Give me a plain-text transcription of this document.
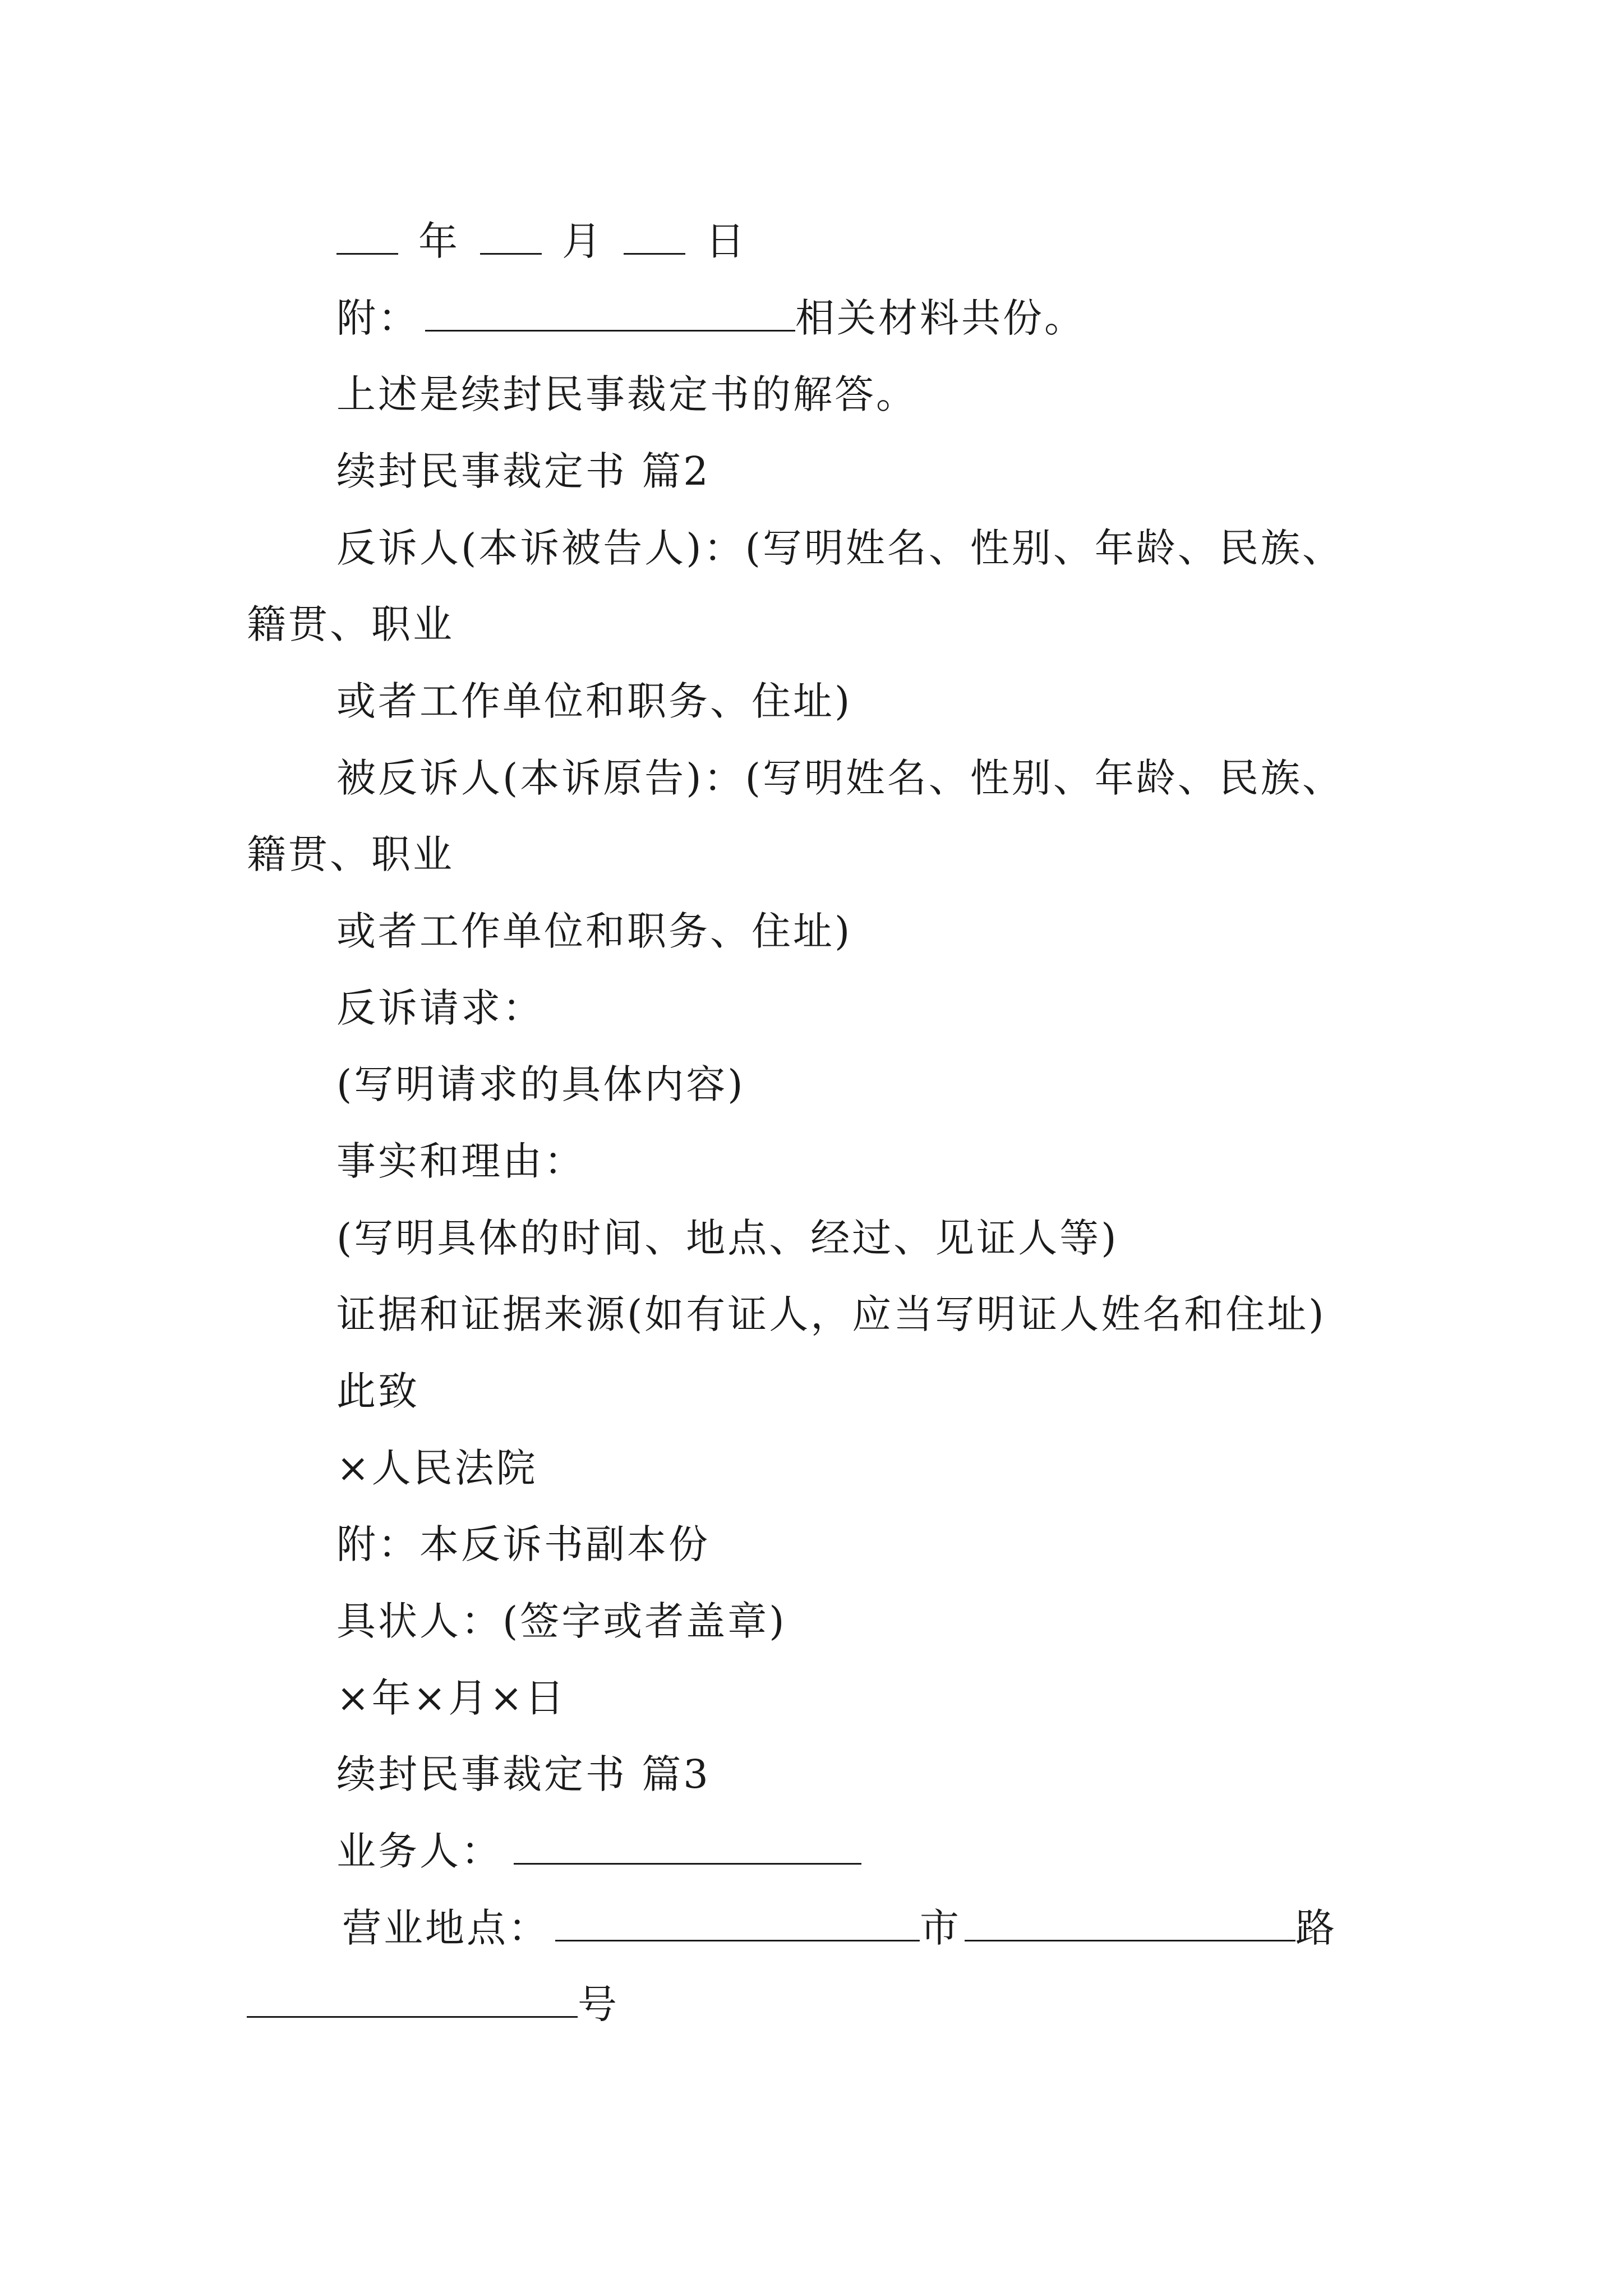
年	月	日
附：	相关材料共份。
上述是续封民事裁定书的解答。
续封民事裁定书 篇2
反诉人(本诉被告人)：(写明姓名、性别、年龄、民族、
籍贯、职业
或者工作单位和职务、住址)
被反诉人(本诉原告)：(写明姓名、性别、年龄、民族、
籍贯、职业
或者工作单位和职务、住址)
反诉请求：
(写明请求的具体内容)
事实和理由：
(写明具体的时间、地点、经过、见证人等)
证据和证据来源(如有证人，应当写明证人姓名和住址)
此致
×人民法院
附：本反诉书副本份
具状人：(签字或者盖章)
×年×月×日
续封民事裁定书 篇3
业务人：
营业地点：	市	路
号
